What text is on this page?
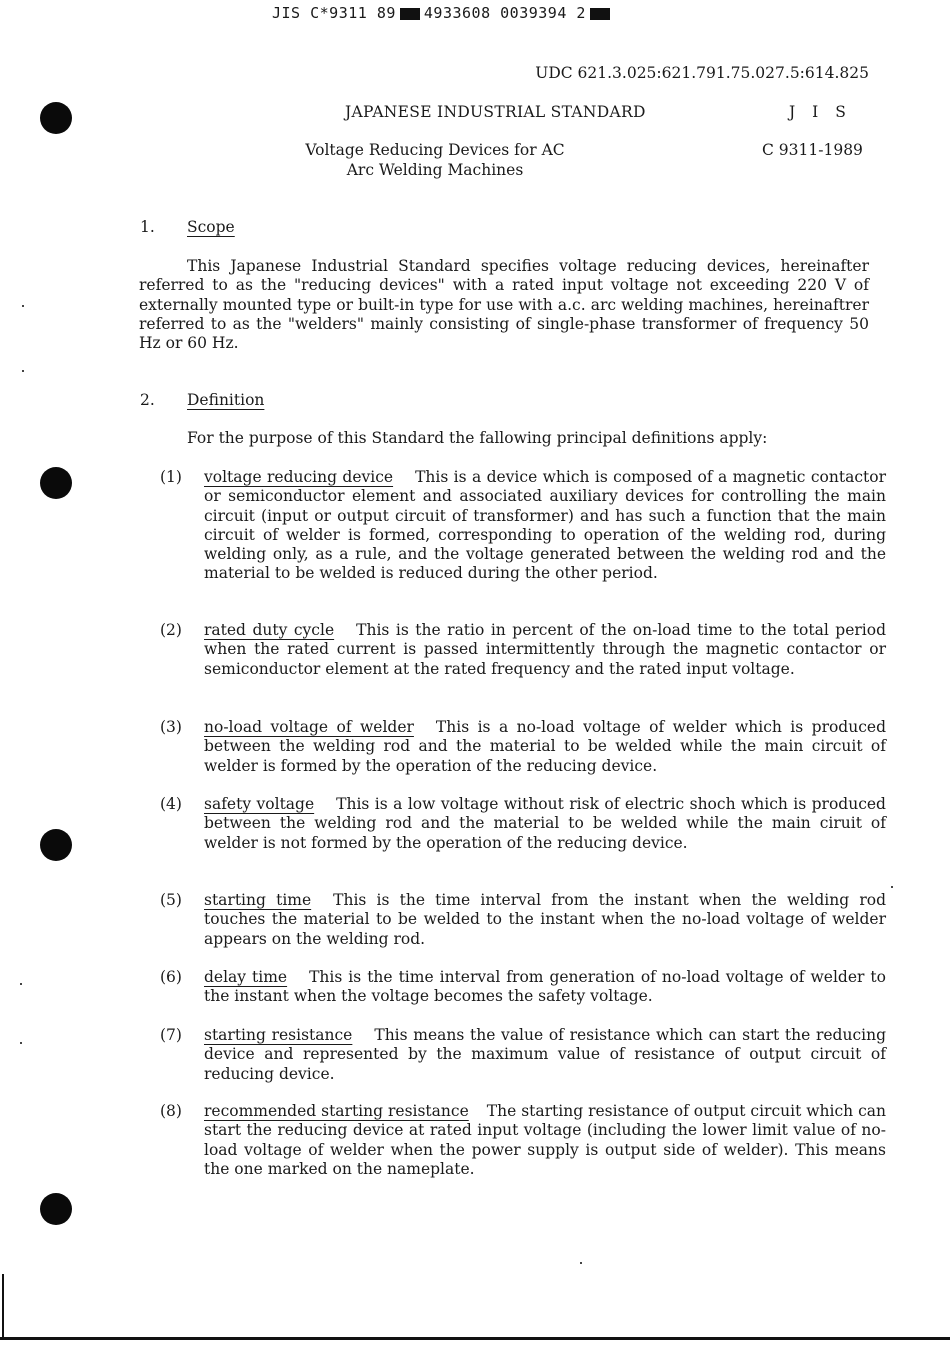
JIS C*9311 89 4933608 0039394 2
UDC 621.3.025:621.791.75.027.5:614.825
JAPANESE INDUSTRIAL STANDARD	J I S
Voltage Reducing Devices for AC
Arc Welding Machines
C 9311-1989
1. Scope
This Japanese Industrial Standard specifies voltage reducing devices, hereinafter referred to as the "reducing devices" with a rated input voltage not exceeding 220 V of externally mounted type or built-in type for use with a.c. arc welding machines, hereinaftrer referred to as the "welders" mainly consisting of single-phase transformer of frequency 50 Hz or 60 Hz.
2. Definition
For the purpose of this Standard the fallowing principal definitions apply:
(1) voltage reducing device This is a device which is composed of a magnetic contactor or semiconductor element and associated auxiliary devices for controlling the main circuit (input or output circuit of transformer) and has such a function that the main circuit of welder is formed, corresponding to operation of the welding rod, during welding only, as a rule, and the voltage generated between the welding rod and the material to be welded is reduced during the other period.
(2) rated duty cycle This is the ratio in percent of the on-load time to the total period when the rated current is passed intermittently through the magnetic contactor or semiconductor element at the rated frequency and the rated input voltage.
(3) no-load voltage of welder This is a no-load voltage of welder which is produced between the welding rod and the material to be welded while the main circuit of welder is formed by the operation of the reducing device.
(4) safety voltage This is a low voltage without risk of electric shoch which is produced between the welding rod and the material to be welded while the main ciruit of welder is not formed by the operation of the reducing device.
(5) starting time This is the time interval from the instant when the welding rod touches the material to be welded to the instant when the no-load voltage of welder appears on the welding rod.
(6) delay time This is the time interval from generation of no-load voltage of welder to the instant when the voltage becomes the safety voltage.
(7) starting resistance This means the value of resistance which can start the reducing device and represented by the maximum value of resistance of output circuit of reducing device.
(8) recommended starting resistance The starting resistance of output circuit which can start the reducing device at rated input voltage (including the lower limit value of no-load voltage of welder when the power supply is output side of welder). This means the one marked on the nameplate.
